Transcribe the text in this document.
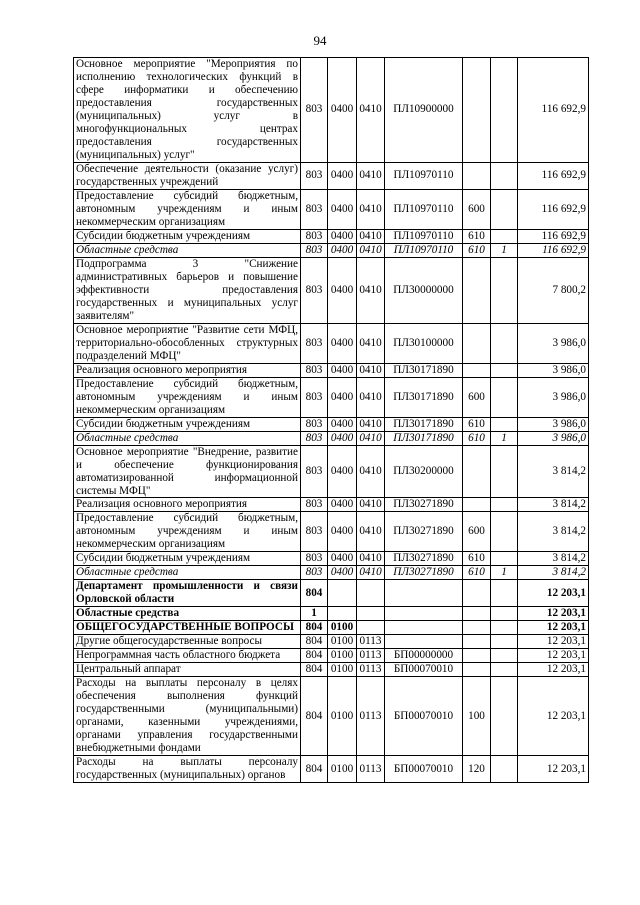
94
Основное мероприятие "Мероприятия по исполнению технологических функций в сфере информатики и обеспечению предоставления государственных (муниципальных) услуг в многофункциональных центрах предоставления государственных (муниципальных) услуг"	803	0400	0410	ПЛ10900000			116 692,9
Обеспечение деятельности (оказание услуг) государственных учреждений	803	0400	0410	ПЛ10970110			116 692,9
Предоставление субсидий бюджетным, автономным учреждениям и иным некоммерческим организациям	803	0400	0410	ПЛ10970110	600		116 692,9
Субсидии бюджетным учреждениям	803	0400	0410	ПЛ10970110	610		116 692,9
Областные средства	803	0400	0410	ПЛ10970110	610	1	116 692,9
Подпрограмма 3 "Снижение административных барьеров и повышение эффективности предоставления государственных и муниципальных услуг заявителям"	803	0400	0410	ПЛ30000000			7 800,2
Основное мероприятие "Развитие сети МФЦ, территориально-обособленных структурных подразделений МФЦ"	803	0400	0410	ПЛ30100000			3 986,0
Реализация основного мероприятия	803	0400	0410	ПЛ30171890			3 986,0
Предоставление субсидий бюджетным, автономным учреждениям и иным некоммерческим организациям	803	0400	0410	ПЛ30171890	600		3 986,0
Субсидии бюджетным учреждениям	803	0400	0410	ПЛ30171890	610		3 986,0
Областные средства	803	0400	0410	ПЛ30171890	610	1	3 986,0
Основное мероприятие "Внедрение, развитие и обеспечение функционирования автоматизированной информационной системы МФЦ"	803	0400	0410	ПЛ30200000			3 814,2
Реализация основного мероприятия	803	0400	0410	ПЛ30271890			3 814,2
Предоставление субсидий бюджетным, автономным учреждениям и иным некоммерческим организациям	803	0400	0410	ПЛ30271890	600		3 814,2
Субсидии бюджетным учреждениям	803	0400	0410	ПЛ30271890	610		3 814,2
Областные средства	803	0400	0410	ПЛ30271890	610	1	3 814,2
Департамент промышленности и связи Орловской области	804						12 203,1
Областные средства	1						12 203,1
ОБЩЕГОСУДАРСТВЕННЫЕ ВОПРОСЫ	804	0100					12 203,1
Другие общегосударственные вопросы	804	0100	0113				12 203,1
Непрограммная часть областного бюджета	804	0100	0113	БП00000000			12 203,1
Центральный аппарат	804	0100	0113	БП00070010			12 203,1
Расходы на выплаты персоналу в целях обеспечения выполнения функций государственными (муниципальными) органами, казенными учреждениями, органами управления государственными внебюджетными фондами	804	0100	0113	БП00070010	100		12 203,1
Расходы на выплаты персоналу государственных (муниципальных) органов	804	0100	0113	БП00070010	120		12 203,1
